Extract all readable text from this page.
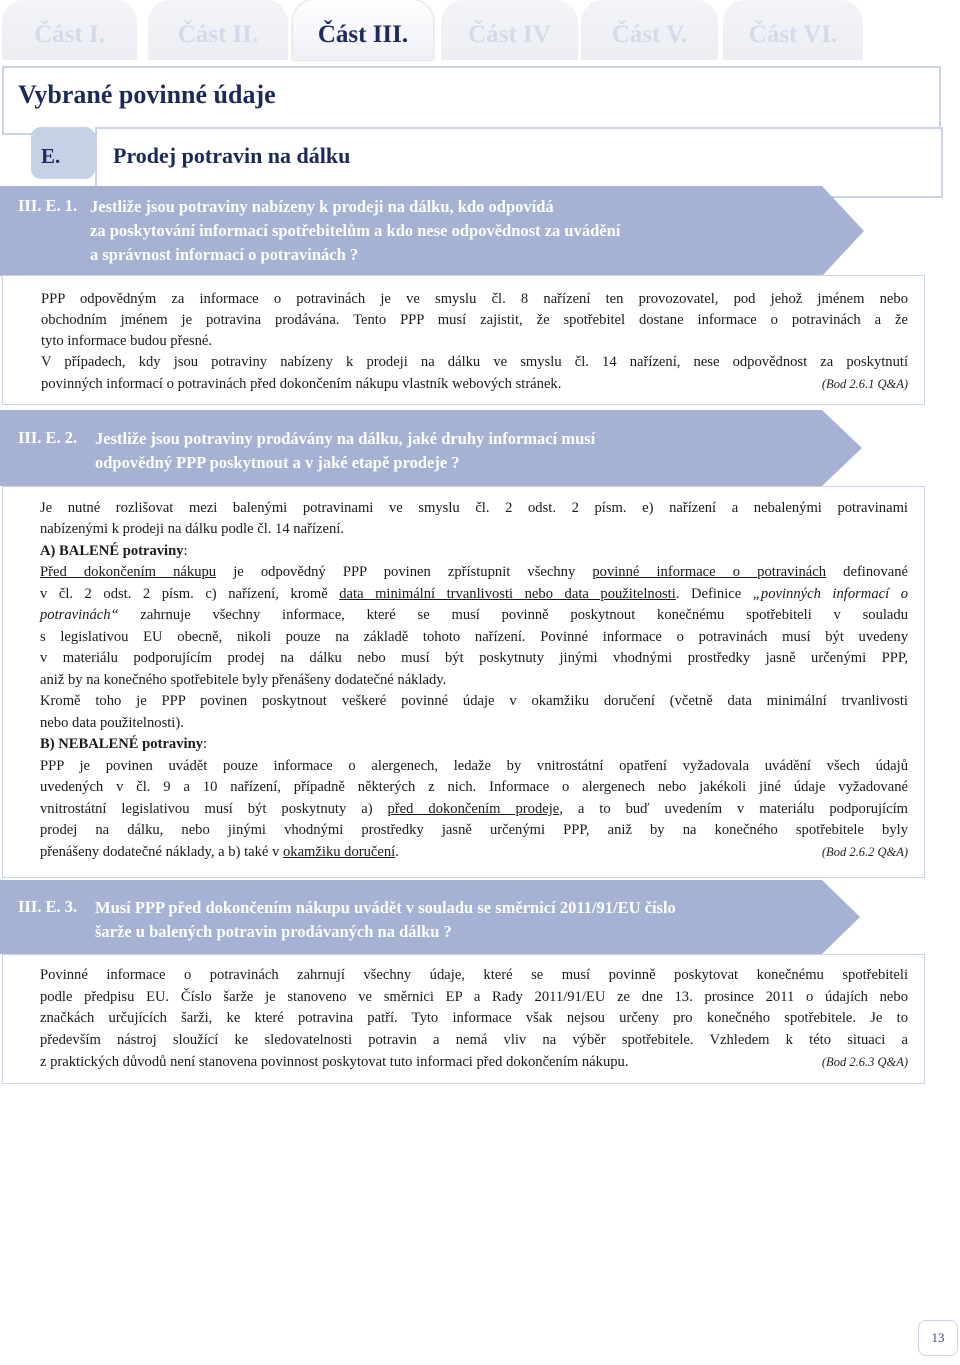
Část I.	Část II.	Část III.	Část IV	Část V.	Část VI.
Vybrané povinné údaje
E.	Prodej potravin na dálku
III. E. 1. Jestliže jsou potraviny nabízeny k prodeji na dálku, kdo odpovídá
za poskytování informací spotřebitelům a kdo nese odpovědnost za uvádění
a správnost informací o potravinách ?
PPP odpovědným za informace o potravinách je ve smyslu čl. 8 nařízení ten provozovatel, pod jehož jménem nebo
obchodním jménem je potravina prodávána. Tento PPP musí zajistit, že spotřebitel dostane informace o potravinách a že
tyto informace budou přesné.
V případech, kdy jsou potraviny nabízeny k prodeji na dálku ve smyslu čl. 14 nařízení, nese odpovědnost za poskytnutí
povinných informací o potravinách před dokončením nákupu vlastník webových stránek.	(Bod 2.6.1 Q&A)
III. E. 2. Jestliže jsou potraviny prodávány na dálku, jaké druhy informací musí
odpovědný PPP poskytnout a v jaké etapě prodeje ?
Je nutné rozlišovat mezi balenými potravinami ve smyslu čl. 2 odst. 2 písm. e) nařízení a nebalenými potravinami
nabízenými k prodeji na dálku podle čl. 14 nařízení.
A) BALENÉ potraviny:
Před dokončením nákupu je odpovědný PPP povinen zpřístupnit všechny povinné informace o potravinách definované
v čl. 2 odst. 2 písm. c) nařízení, kromě data minimální trvanlivosti nebo data použitelnosti. Definice „povinných informací o
potravinách“ zahrnuje všechny informace, které se musí povinně poskytnout konečnému spotřebiteli v souladu
s legislativou EU obecně, nikoli pouze na základě tohoto nařízení. Povinné informace o potravinách musí být uvedeny
v materiálu podporujícím prodej na dálku nebo musí být poskytnuty jinými vhodnými prostředky jasně určenými PPP,
aniž by na konečného spotřebitele byly přenášeny dodatečné náklady.
Kromě toho je PPP povinen poskytnout veškeré povinné údaje v okamžiku doručení (včetně data minimální trvanlivosti
nebo data použitelnosti).
B) NEBALENÉ potraviny:
PPP je povinen uvádět pouze informace o alergenech, ledaže by vnitrostátní opatření vyžadovala uvádění všech údajů
uvedených v čl. 9 a 10 nařízení, případně některých z nich. Informace o alergenech nebo jakékoli jiné údaje vyžadované
vnitrostátní legislativou musí být poskytnuty a) před dokončením prodeje, a to buď uvedením v materiálu podporujícím
prodej na dálku, nebo jinými vhodnými prostředky jasně určenými PPP, aniž by na konečného spotřebitele byly
přenášeny dodatečné náklady, a b) také v okamžiku doručení.	(Bod 2.6.2 Q&A)
III. E. 3. Musí PPP před dokončením nákupu uvádět v souladu se směrnicí 2011/91/EU číslo
šarže u balených potravin prodávaných na dálku ?
Povinné informace o potravinách zahrnují všechny údaje, které se musí povinně poskytovat konečnému spotřebiteli
podle předpisu EU. Číslo šarže je stanoveno ve směrnici EP a Rady 2011/91/EU ze dne 13. prosince 2011 o údajích nebo
značkách určujících šarži, ke které potravina patří. Tyto informace však nejsou určeny pro konečného spotřebitele. Je to
především nástroj sloužící ke sledovatelnosti potravin a nemá vliv na výběr spotřebitele. Vzhledem k této situaci a
z praktických důvodů není stanovena povinnost poskytovat tuto informaci před dokončením nákupu.	(Bod 2.6.3 Q&A)
13
